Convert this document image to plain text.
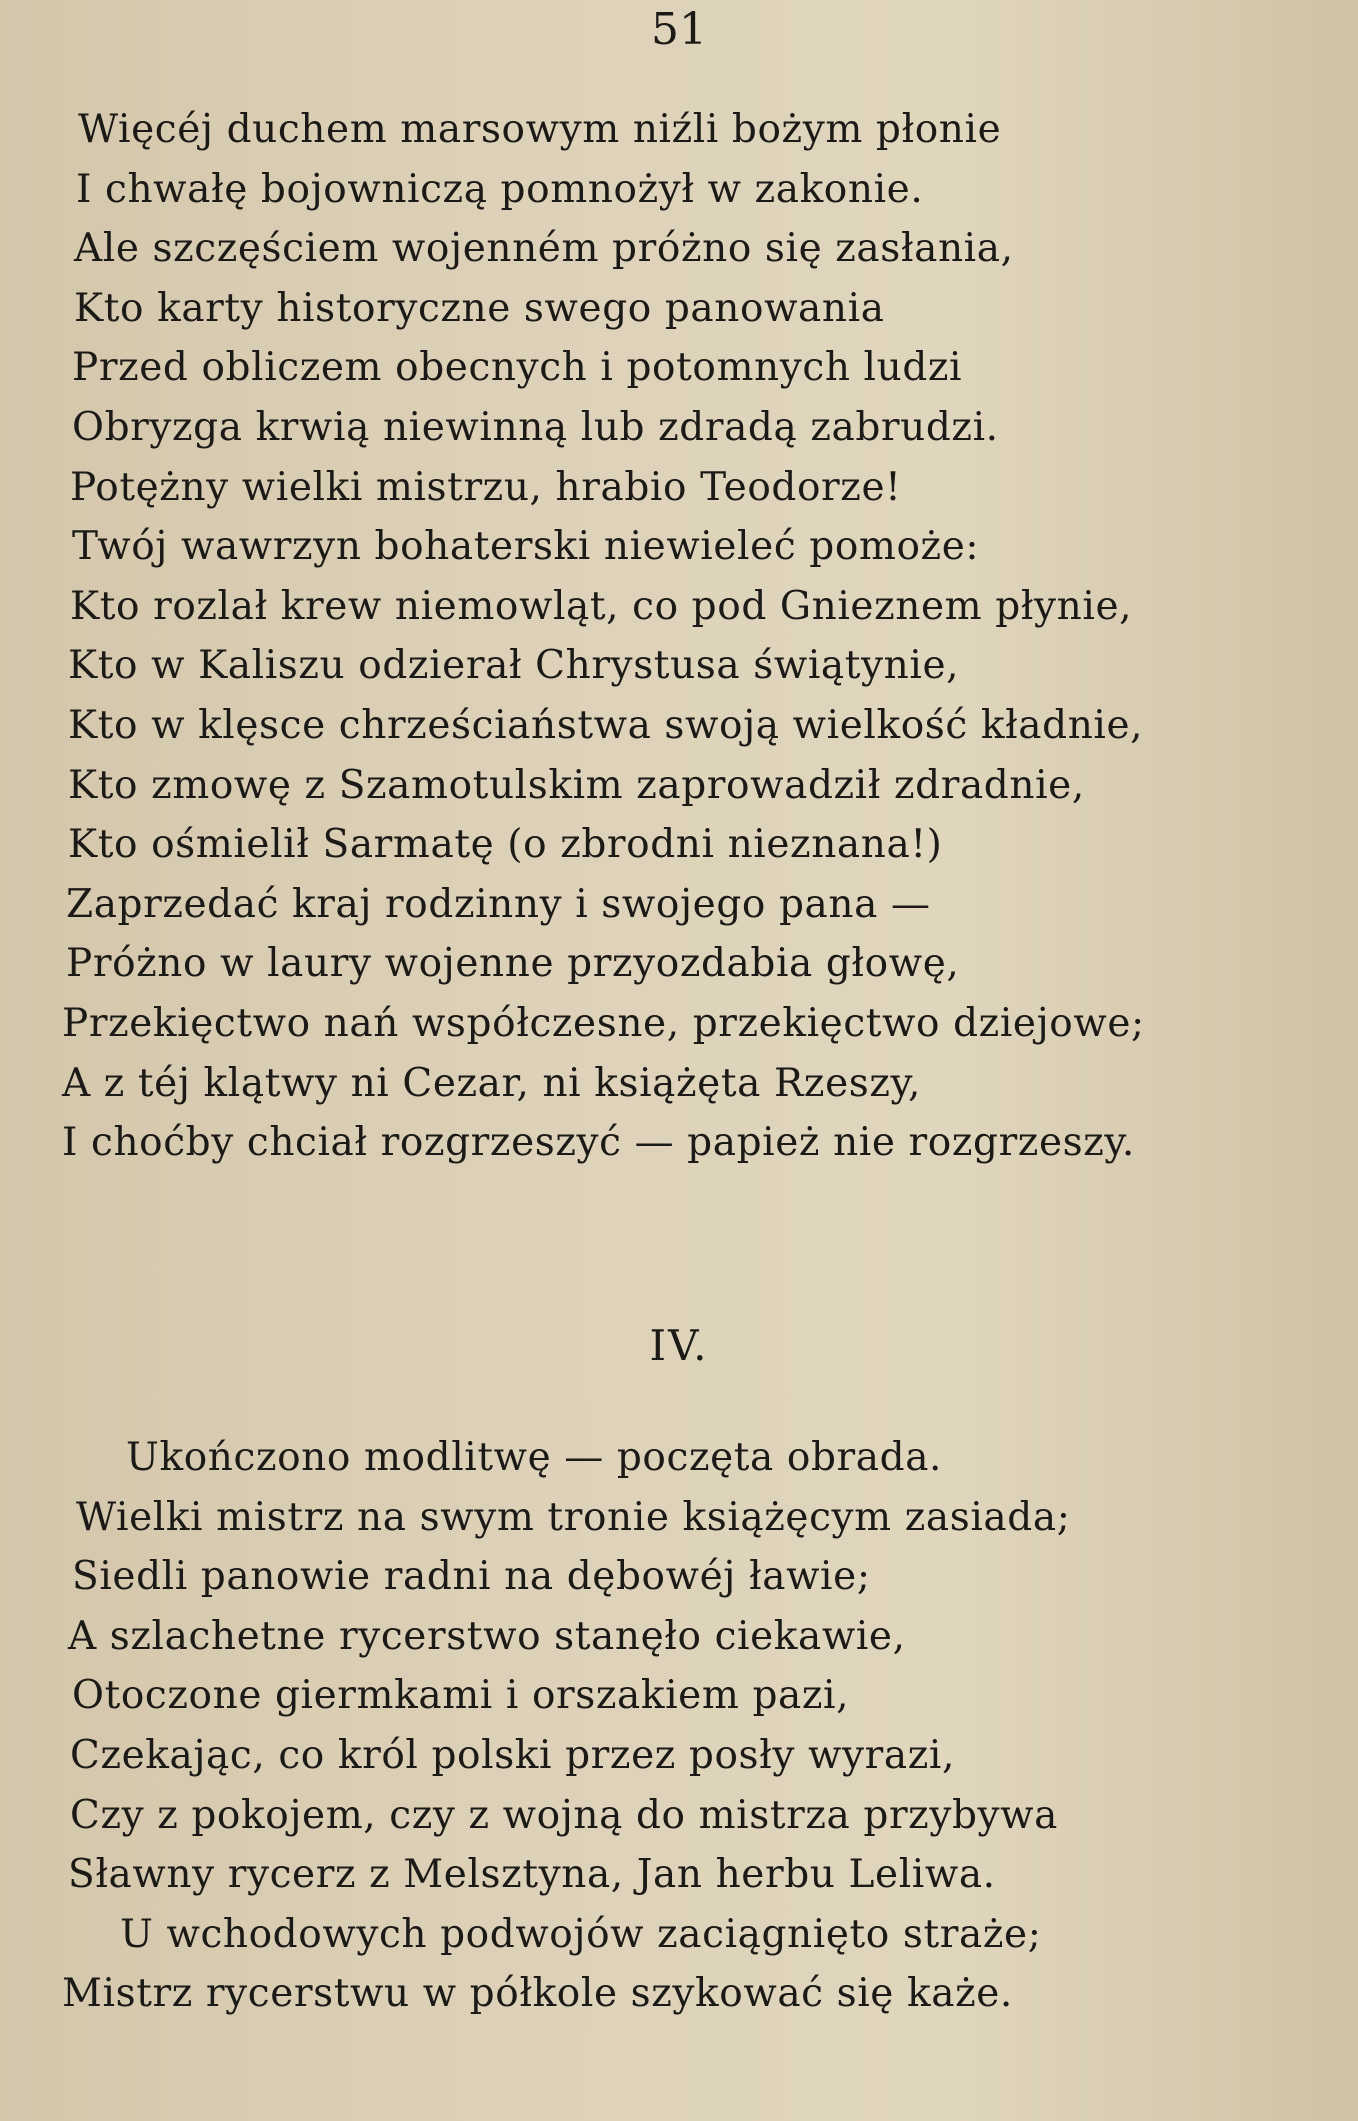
51
Więcéj duchem marsowym niźli bożym płonie
I chwałę bojowniczą pomnożył w zakonie.
Ale szczęściem wojenném próżno się zasłania,
Kto karty historyczne swego panowania
Przed obliczem obecnych i potomnych ludzi
Obryzga krwią niewinną lub zdradą zabrudzi.
Potężny wielki mistrzu, hrabio Teodorze!
Twój wawrzyn bohaterski niewieleć pomoże:
Kto rozlał krew niemowląt, co pod Gnieznem płynie,
Kto w Kaliszu odzierał Chrystusa świątynie,
Kto w klęsce chrześciaństwa swoją wielkość kładnie,
Kto zmowę z Szamotulskim zaprowadził zdradnie,
Kto ośmielił Sarmatę (o zbrodni nieznana!)
Zaprzedać kraj rodzinny i swojego pana —
Próżno w laury wojenne przyozdabia głowę,
Przekięctwo nań współczesne, przekięctwo dziejowe;
A z téj klątwy ni Cezar, ni książęta Rzeszy,
I choćby chciał rozgrzeszyć — papież nie rozgrzeszy.
IV.
Ukończono modlitwę — poczęta obrada.
Wielki mistrz na swym tronie książęcym zasiada;
Siedli panowie radni na dębowéj ławie;
A szlachetne rycerstwo stanęło ciekawie,
Otoczone giermkami i orszakiem pazi,
Czekając, co król polski przez posły wyrazi,
Czy z pokojem, czy z wojną do mistrza przybywa
Sławny rycerz z Melsztyna, Jan herbu Leliwa.
U wchodowych podwojów zaciągnięto straże;
Mistrz rycerstwu w półkole szykować się każe.
